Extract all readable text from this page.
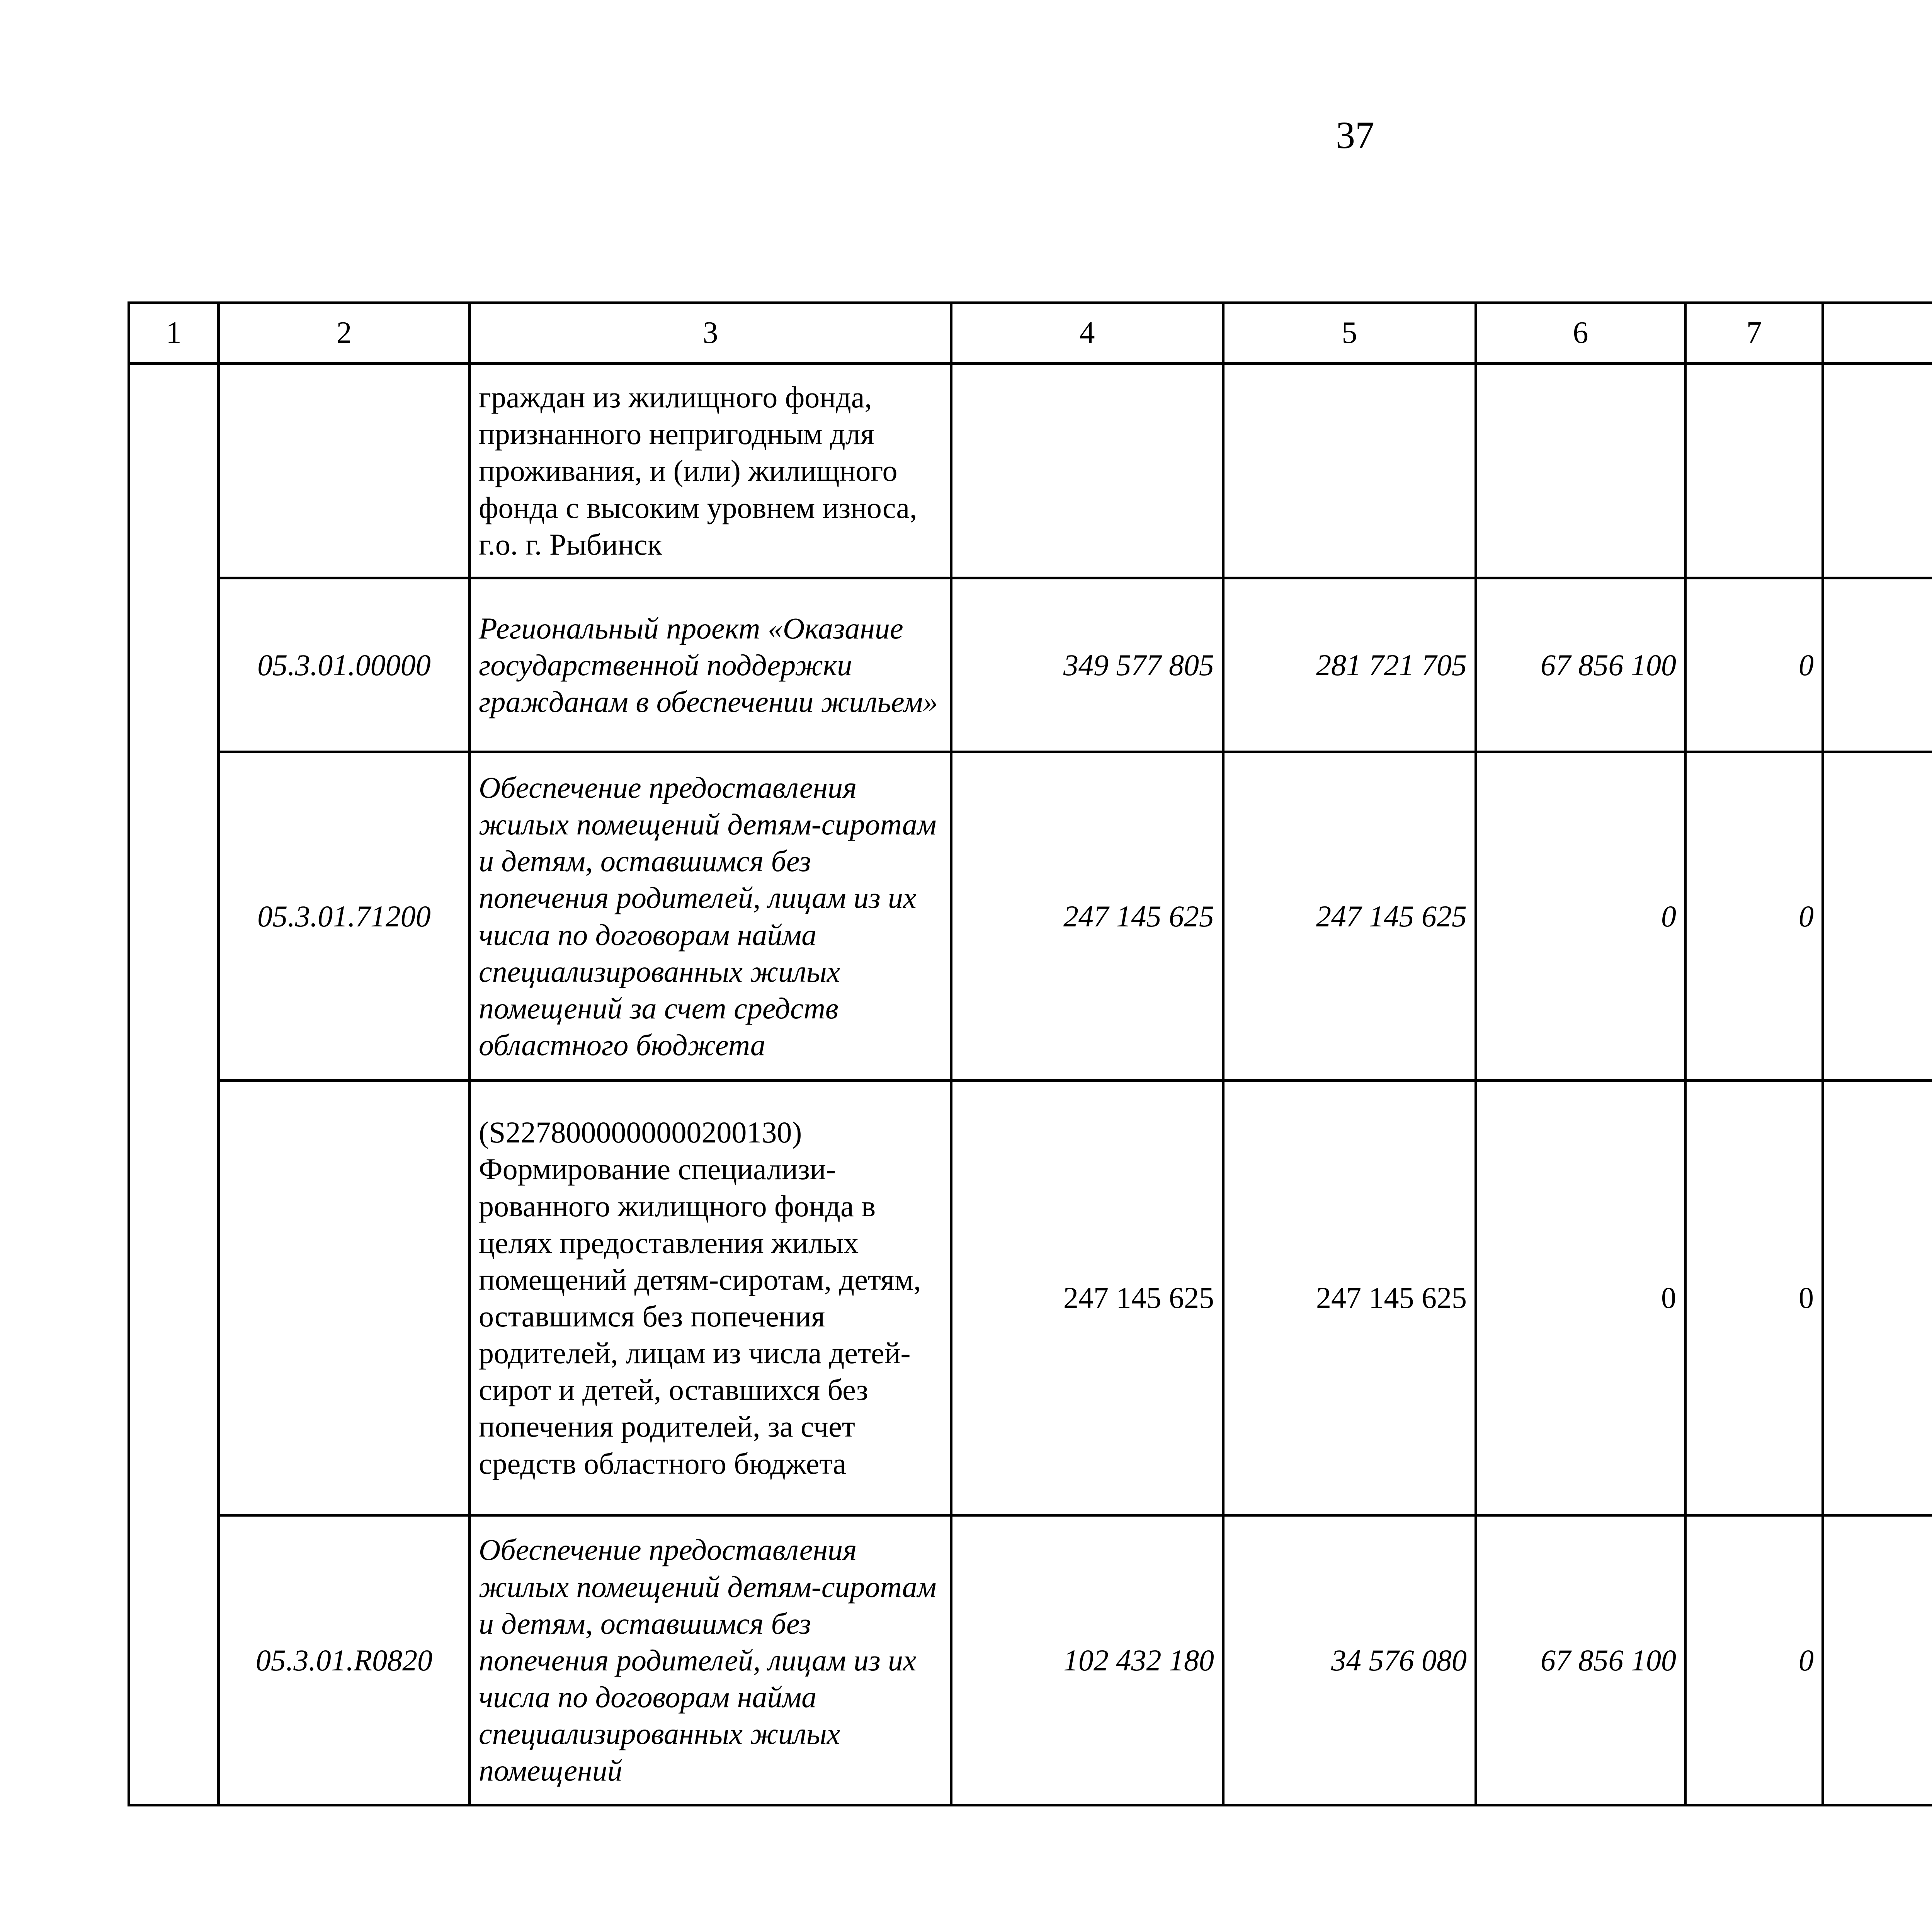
37
1	2	3	4	5	6	7				
		граждан из жилищного фонда, признанного непригодным для проживания, и (или) жилищного фонда с высоким уровнем износа, г.о. г. Рыбинск								
	05.3.01.00000	Региональный проект «Оказание государственной поддержки гражданам в обеспечении жильем»	349 577 805	281 721 705	67 856 100	0				
	05.3.01.71200	Обеспечение предоставления жилых помещений детям-сиротам и детям, оставшимся без попечения родителей, лицам из их числа по договорам найма специализированных жилых помещений за счет средств областного бюджета	247 145 625	247 145 625	0	0				
		(S2278000000000200130) Формирование специализи-рованного жилищного фонда в целях предоставления жилых помещений детям-сиротам, детям, оставшимся без попечения родителей, лицам из числа детей-сирот и детей, оставшихся без попечения родителей, за счет средств областного бюджета	247 145 625	247 145 625	0	0				
	05.3.01.R0820	Обеспечение предоставления жилых помещений детям-сиротам и детям, оставшимся без попечения родителей, лицам из их числа по договорам найма специализированных жилых помещений	102 432 180	34 576 080	67 856 100	0				
